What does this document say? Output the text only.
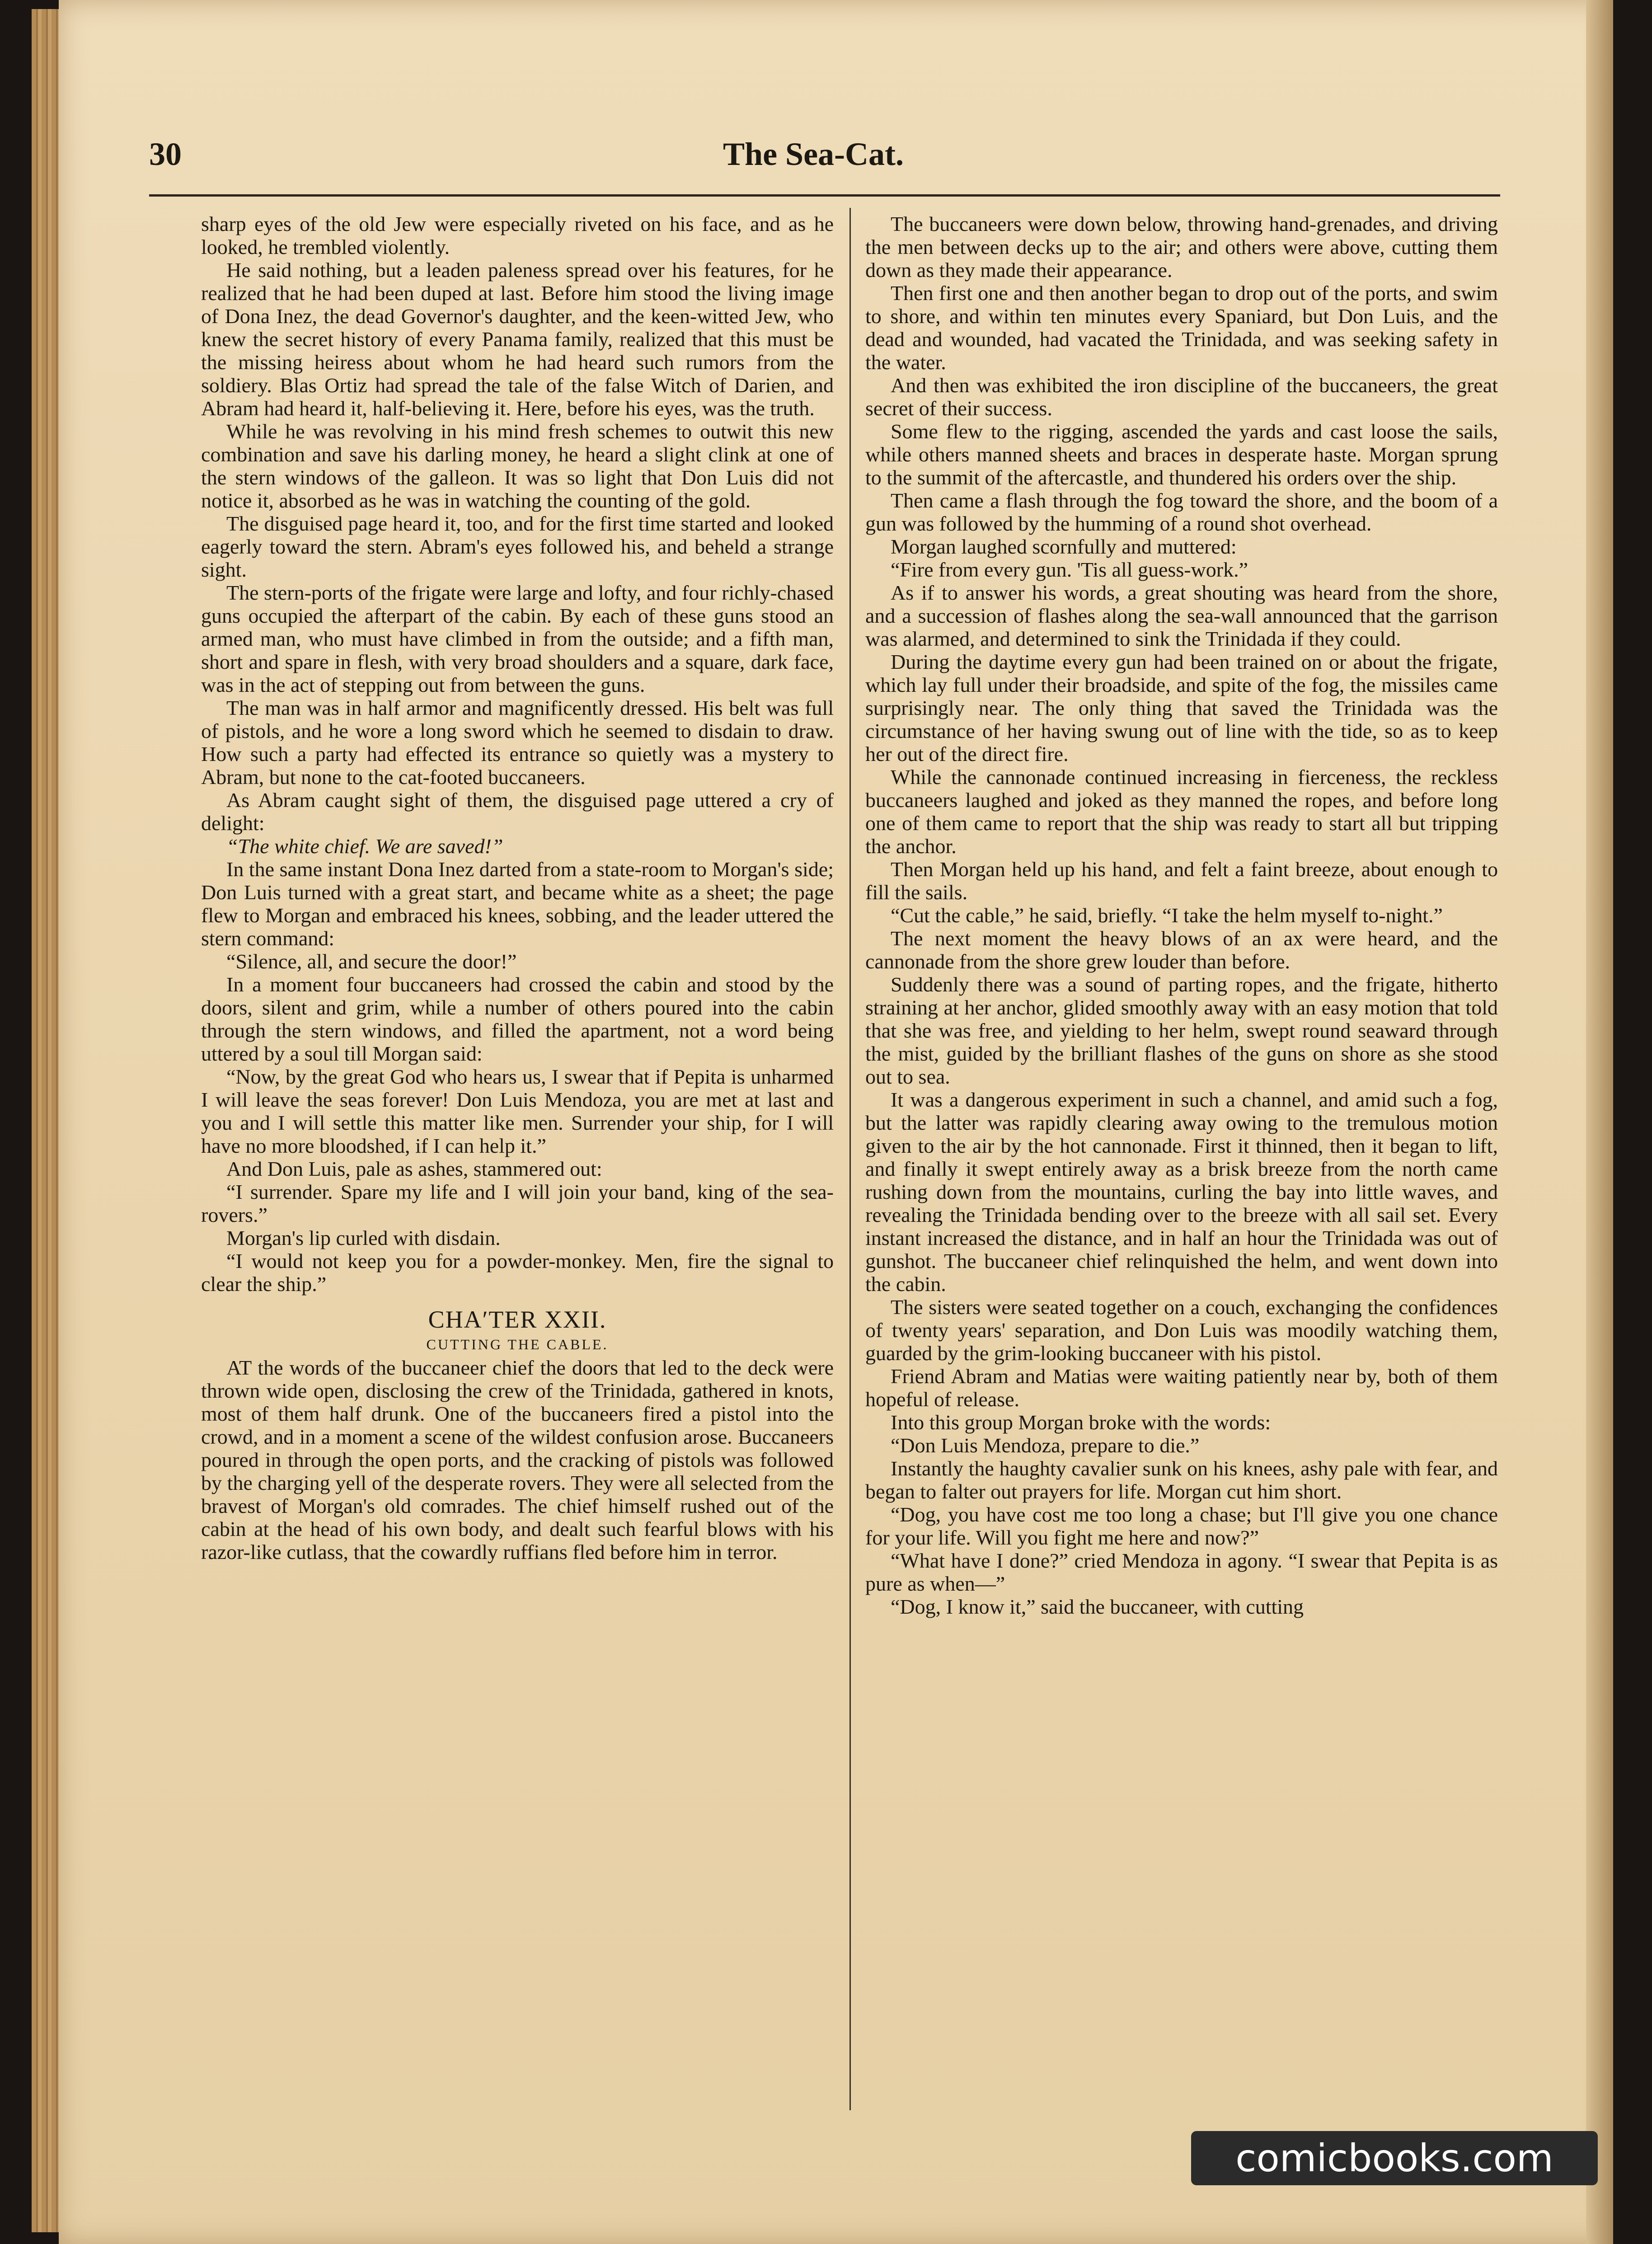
30	The Sea-Cat.

sharp eyes of the old Jew were especially riveted on his face, and as he looked, he trembled violently.

He said nothing, but a leaden paleness spread over his features, for he realized that he had been duped at last. Before him stood the living image of Dona Inez, the dead Governor's daughter, and the keen-witted Jew, who knew the secret history of every Panama family, realized that this must be the missing heiress about whom he had heard such rumors from the soldiery. Blas Ortiz had spread the tale of the false Witch of Darien, and Abram had heard it, half-believing it. Here, before his eyes, was the truth.

While he was revolving in his mind fresh schemes to outwit this new combination and save his darling money, he heard a slight clink at one of the stern windows of the galleon. It was so light that Don Luis did not notice it, absorbed as he was in watching the counting of the gold.

The disguised page heard it, too, and for the first time started and looked eagerly toward the stern. Abram's eyes followed his, and beheld a strange sight.

The stern-ports of the frigate were large and lofty, and four richly-chased guns occupied the afterpart of the cabin. By each of these guns stood an armed man, who must have climbed in from the outside; and a fifth man, short and spare in flesh, with very broad shoulders and a square, dark face, was in the act of stepping out from between the guns.

The man was in half armor and magnificently dressed. His belt was full of pistols, and he wore a long sword which he seemed to disdain to draw. How such a party had effected its entrance so quietly was a mystery to Abram, but none to the cat-footed buccaneers.

As Abram caught sight of them, the disguised page uttered a cry of delight:

“The white chief. We are saved!”

In the same instant Dona Inez darted from a state-room to Morgan's side; Don Luis turned with a great start, and became white as a sheet; the page flew to Morgan and embraced his knees, sobbing, and the leader uttered the stern command:

“Silence, all, and secure the door!”

In a moment four buccaneers had crossed the cabin and stood by the doors, silent and grim, while a number of others poured into the cabin through the stern windows, and filled the apartment, not a word being uttered by a soul till Morgan said:

“Now, by the great God who hears us, I swear that if Pepita is unharmed I will leave the seas forever! Don Luis Mendoza, you are met at last and you and I will settle this matter like men. Surrender your ship, for I will have no more bloodshed, if I can help it.”

And Don Luis, pale as ashes, stammered out:

“I surrender. Spare my life and I will join your band, king of the sea-rovers.”

Morgan's lip curled with disdain.

“I would not keep you for a powder-monkey. Men, fire the signal to clear the ship.”

CHA′TER XXII.
CUTTING THE CABLE.

AT the words of the buccaneer chief the doors that led to the deck were thrown wide open, disclosing the crew of the Trinidada, gathered in knots, most of them half drunk. One of the buccaneers fired a pistol into the crowd, and in a moment a scene of the wildest confusion arose. Buccaneers poured in through the open ports, and the cracking of pistols was followed by the charging yell of the desperate rovers. They were all selected from the bravest of Morgan's old comrades. The chief himself rushed out of the cabin at the head of his own body, and dealt such fearful blows with his razor-like cutlass, that the cowardly ruffians fled before him in terror.

The buccaneers were down below, throwing hand-grenades, and driving the men between decks up to the air; and others were above, cutting them down as they made their appearance.

Then first one and then another began to drop out of the ports, and swim to shore, and within ten minutes every Spaniard, but Don Luis, and the dead and wounded, had vacated the Trinidada, and was seeking safety in the water.

And then was exhibited the iron discipline of the buccaneers, the great secret of their success.

Some flew to the rigging, ascended the yards and cast loose the sails, while others manned sheets and braces in desperate haste. Morgan sprung to the summit of the aftercastle, and thundered his orders over the ship.

Then came a flash through the fog toward the shore, and the boom of a gun was followed by the humming of a round shot overhead.

Morgan laughed scornfully and muttered:

“Fire from every gun. 'Tis all guess-work.”

As if to answer his words, a great shouting was heard from the shore, and a succession of flashes along the sea-wall announced that the garrison was alarmed, and determined to sink the Trinidada if they could.

During the daytime every gun had been trained on or about the frigate, which lay full under their broadside, and spite of the fog, the missiles came surprisingly near. The only thing that saved the Trinidada was the circumstance of her having swung out of line with the tide, so as to keep her out of the direct fire.

While the cannonade continued increasing in fierceness, the reckless buccaneers laughed and joked as they manned the ropes, and before long one of them came to report that the ship was ready to start all but tripping the anchor.

Then Morgan held up his hand, and felt a faint breeze, about enough to fill the sails.

“Cut the cable,” he said, briefly. “I take the helm myself to-night.”

The next moment the heavy blows of an ax were heard, and the cannonade from the shore grew louder than before.

Suddenly there was a sound of parting ropes, and the frigate, hitherto straining at her anchor, glided smoothly away with an easy motion that told that she was free, and yielding to her helm, swept round seaward through the mist, guided by the brilliant flashes of the guns on shore as she stood out to sea.

It was a dangerous experiment in such a channel, and amid such a fog, but the latter was rapidly clearing away owing to the tremulous motion given to the air by the hot cannonade. First it thinned, then it began to lift, and finally it swept entirely away as a brisk breeze from the north came rushing down from the mountains, curling the bay into little waves, and revealing the Trinidada bending over to the breeze with all sail set. Every instant increased the distance, and in half an hour the Trinidada was out of gunshot. The buccaneer chief relinquished the helm, and went down into the cabin.

The sisters were seated together on a couch, exchanging the confidences of twenty years' separation, and Don Luis was moodily watching them, guarded by the grim-looking buccaneer with his pistol.

Friend Abram and Matias were waiting patiently near by, both of them hopeful of release.

Into this group Morgan broke with the words:

“Don Luis Mendoza, prepare to die.”

Instantly the haughty cavalier sunk on his knees, ashy pale with fear, and began to falter out prayers for life. Morgan cut him short.

“Dog, you have cost me too long a chase; but I'll give you one chance for your life. Will you fight me here and now?”

“What have I done?” cried Mendoza in agony. “I swear that Pepita is as pure as when—”

“Dog, I know it,” said the buccaneer, with cutting

comicbooks.com
